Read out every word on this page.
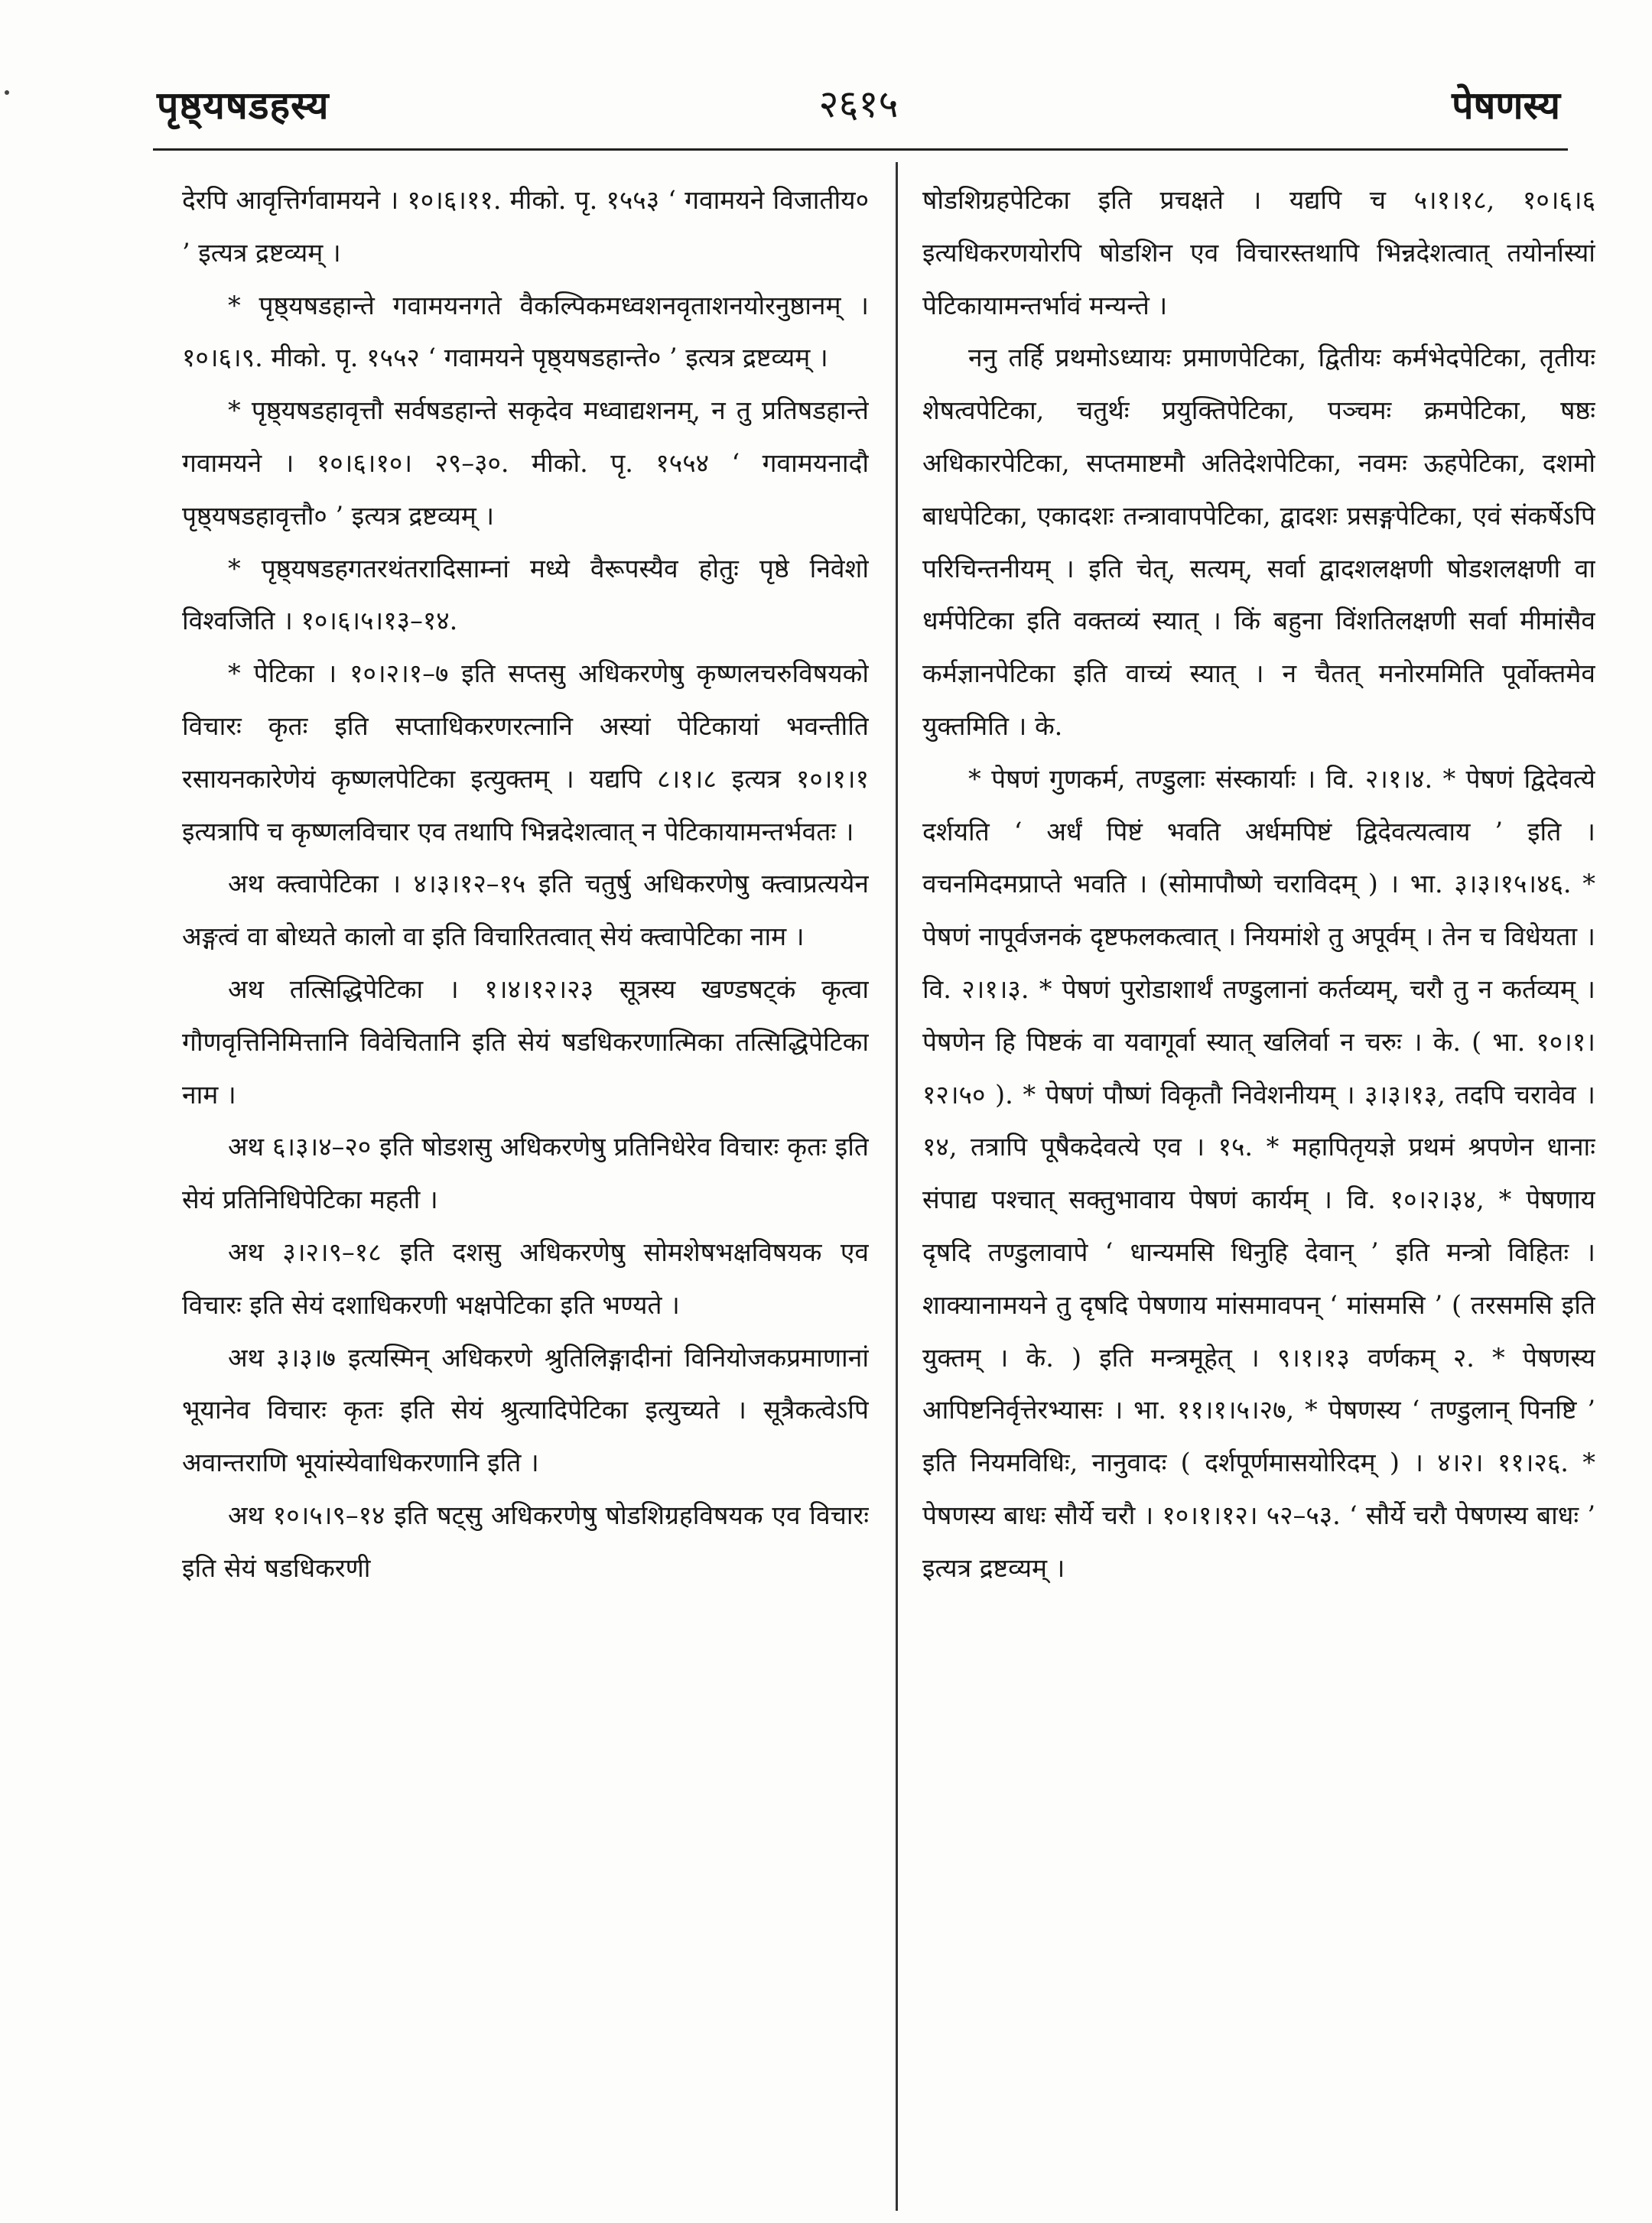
पृष्ठ्यषडहस्य	२६१५	पेषणस्य

देरपि आवृत्तिर्गवामयने । १०।६।११. मीको. पृ. १५५३ ‘ गवामयने विजातीय० ’ इत्यत्र द्रष्टव्यम् ।

* पृष्ठ्यषडहान्ते गवामयनगते वैकल्पिकमध्वशनवृताशनयोरनुष्ठानम् । १०।६।९. मीको. पृ. १५५२ ‘ गवामयने पृष्ठ्यषडहान्ते० ’ इत्यत्र द्रष्टव्यम् ।

* पृष्ठ्यषडहावृत्तौ सर्वषडहान्ते सकृदेव मध्वाद्यशनम्, न तु प्रतिषडहान्ते गवामयने । १०।६।१०। २९–३०. मीको. पृ. १५५४ ‘ गवामयनादौ पृष्ठ्यषडहावृत्तौ० ’ इत्यत्र द्रष्टव्यम् ।

* पृष्ठ्यषडहगतरथंतरादिसाम्नां मध्ये वैरूपस्यैव होतुः पृष्ठे निवेशो विश्वजिति । १०।६।५।१३–१४.

* पेटिका । १०।२।१–७ इति सप्तसु अधिकरणेषु कृष्णलचरुविषयको विचारः कृतः इति सप्ताधिकरणरत्नानि अस्यां पेटिकायां भवन्तीति रसायनकारेणेयं कृष्णलपेटिका इत्युक्तम् । यद्यपि ८।१।८ इत्यत्र १०।१।१ इत्यत्रापि च कृष्णलविचार एव तथापि भिन्नदेशत्वात् न पेटिकायामन्तर्भवतः ।

अथ क्त्वापेटिका । ४।३।१२–१५ इति चतुर्षु अधिकरणेषु क्त्वाप्रत्ययेन अङ्गत्वं वा बोध्यते कालो वा इति विचारितत्वात् सेयं क्त्वापेटिका नाम ।

अथ तत्सिद्धिपेटिका । १।४।१२।२३ सूत्रस्य खण्डषट्कं कृत्वा गौणवृत्तिनिमित्तानि विवेचितानि इति सेयं षडधिकरणात्मिका तत्सिद्धिपेटिका नाम ।

अथ ६।३।४–२० इति षोडशसु अधिकरणेषु प्रतिनिधेरेव विचारः कृतः इति सेयं प्रतिनिधिपेटिका महती ।

अथ ३।२।९–१८ इति दशसु अधिकरणेषु सोमशेषभक्षविषयक एव विचारः इति सेयं दशाधिकरणी भक्षपेटिका इति भण्यते ।

अथ ३।३।७ इत्यस्मिन् अधिकरणे श्रुतिलिङ्गादीनां विनियोजकप्रमाणानां भूयानेव विचारः कृतः इति सेयं श्रुत्यादिपेटिका इत्युच्यते । सूत्रैकत्वेऽपि अवान्तराणि भूयांस्येवाधिकरणानि इति ।

अथ १०।५।९–१४ इति षट्सु अधिकरणेषु षोडशिग्रहविषयक एव विचारः इति सेयं षडधिकरणी

षोडशिग्रहपेटिका इति प्रचक्षते । यद्यपि च ५।१।१८, १०।६।६ इत्यधिकरणयोरपि षोडशिन एव विचारस्तथापि भिन्नदेशत्वात् तयोर्नास्यां पेटिकायामन्तर्भावं मन्यन्ते ।

ननु तर्हि प्रथमोऽध्यायः प्रमाणपेटिका, द्वितीयः कर्मभेदपेटिका, तृतीयः शेषत्वपेटिका, चतुर्थः प्रयुक्तिपेटिका, पञ्चमः क्रमपेटिका, षष्ठः अधिकारपेटिका, सप्तमाष्टमौ अतिदेशपेटिका, नवमः ऊहपेटिका, दशमो बाधपेटिका, एकादशः तन्त्रावापपेटिका, द्वादशः प्रसङ्गपेटिका, एवं संकर्षेऽपि परिचिन्तनीयम् । इति चेत्, सत्यम्, सर्वा द्वादशलक्षणी षोडशलक्षणी वा धर्मपेटिका इति वक्तव्यं स्यात् । किं बहुना विंशतिलक्षणी सर्वा मीमांसैव कर्मज्ञानपेटिका इति वाच्यं स्यात् । न चैतत् मनोरममिति पूर्वोक्तमेव युक्तमिति । के.

* पेषणं गुणकर्म, तण्डुलाः संस्कार्याः । वि. २।१।४. * पेषणं द्विदेवत्ये दर्शयति ‘ अर्धं पिष्टं भवति अर्धमपिष्टं द्विदेवत्यत्वाय ’ इति । वचनमिदमप्राप्ते भवति । (सोमापौष्णे चराविदम् ) । भा. ३।३।१५।४६. * पेषणं नापूर्वजनकं दृष्टफलकत्वात् । नियमांशे तु अपूर्वम् । तेन च विधेयता । वि. २।१।३. * पेषणं पुरोडाशार्थं तण्डुलानां कर्तव्यम्, चरौ तु न कर्तव्यम् । पेषणेन हि पिष्टकं वा यवागूर्वा स्यात् खलिर्वा न चरुः । के. ( भा. १०।१।१२।५० ). * पेषणं पौष्णं विकृतौ निवेशनीयम् । ३।३।१३, तदपि चरावेव । १४, तत्रापि पूषैकदेवत्ये एव । १५. * महापितृयज्ञे प्रथमं श्रपणेन धानाः संपाद्य पश्चात् सक्तुभावाय पेषणं कार्यम् । वि. १०।२।३४, * पेषणाय दृषदि तण्डुलावापे ‘ धान्यमसि धिनुहि देवान् ’ इति मन्त्रो विहितः । शाक्यानामयने तु दृषदि पेषणाय मांसमावपन् ‘ मांसमसि ’ ( तरसमसि इति युक्तम् । के. ) इति मन्त्रमूहेत् । ९।१।१३ वर्णकम् २. * पेषणस्य आपिष्टनिर्वृत्तेरभ्यासः । भा. ११।१।५।२७, * पेषणस्य ‘ तण्डुलान् पिनष्टि ’ इति नियमविधिः, नानुवादः ( दर्शपूर्णमासयोरिदम् ) । ४।२। ११।२६. * पेषणस्य बाधः सौर्ये चरौ । १०।१।१२। ५२–५३. ‘ सौर्ये चरौ पेषणस्य बाधः ’ इत्यत्र द्रष्टव्यम् ।
